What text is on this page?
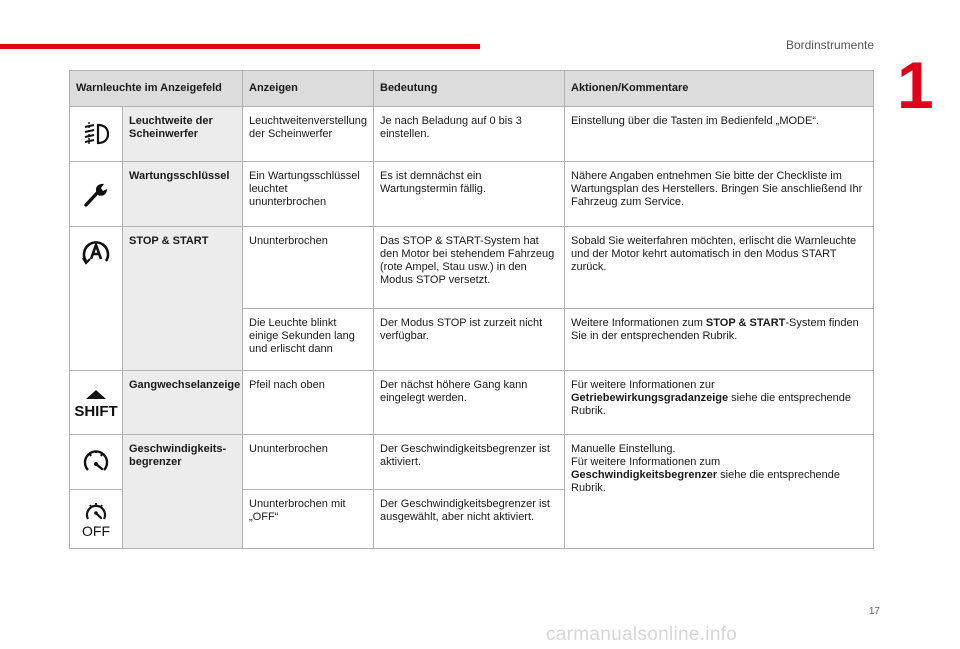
Bordinstrumente
1
Warnleuchte im Anzeigefeld		Anzeigen	Bedeutung	Aktionen/Kommentare

	Leuchtweite der Scheinwerfer	Leuchtweitenverstellung der Scheinwerfer	Je nach Beladung auf 0 bis 3 einstellen.	Einstellung über die Tasten im Bedienfeld „MODE“.

	Wartungsschlüssel	Ein Wartungsschlüssel leuchtet ununterbrochen	Es ist demnächst ein Wartungstermin fällig.	Nähere Angaben entnehmen Sie bitte der Checkliste im Wartungsplan des Herstellers. Bringen Sie anschließend Ihr Fahrzeug zum Service.

	STOP & START	Ununterbrochen	Das STOP & START-System hat den Motor bei stehendem Fahrzeug (rote Ampel, Stau usw.) in den Modus STOP versetzt.	Sobald Sie weiterfahren möchten, erlischt die Warnleuchte und der Motor kehrt automatisch in den Modus START zurück.
		Die Leuchte blinkt einige Sekunden lang und erlischt dann	Der Modus STOP ist zurzeit nicht verfügbar.	Weitere Informationen zum STOP & START-System finden Sie in der entsprechenden Rubrik.

SHIFT	Gangwechselanzeige	Pfeil nach oben	Der nächst höhere Gang kann eingelegt werden.	Für weitere Informationen zur Getriebewirkungsgradanzeige siehe die entsprechende Rubrik.

	Geschwindigkeits-begrenzer	Ununterbrochen	Der Geschwindigkeitsbegrenzer ist aktiviert.	Manuelle Einstellung.
Für weitere Informationen zum
Geschwindigkeitsbegrenzer siehe die entsprechende Rubrik.

OFF		Ununterbrochen mit „OFF“	Der Geschwindigkeitsbegrenzer ist ausgewählt, aber nicht aktiviert.	
17
carmanualsonline.info
